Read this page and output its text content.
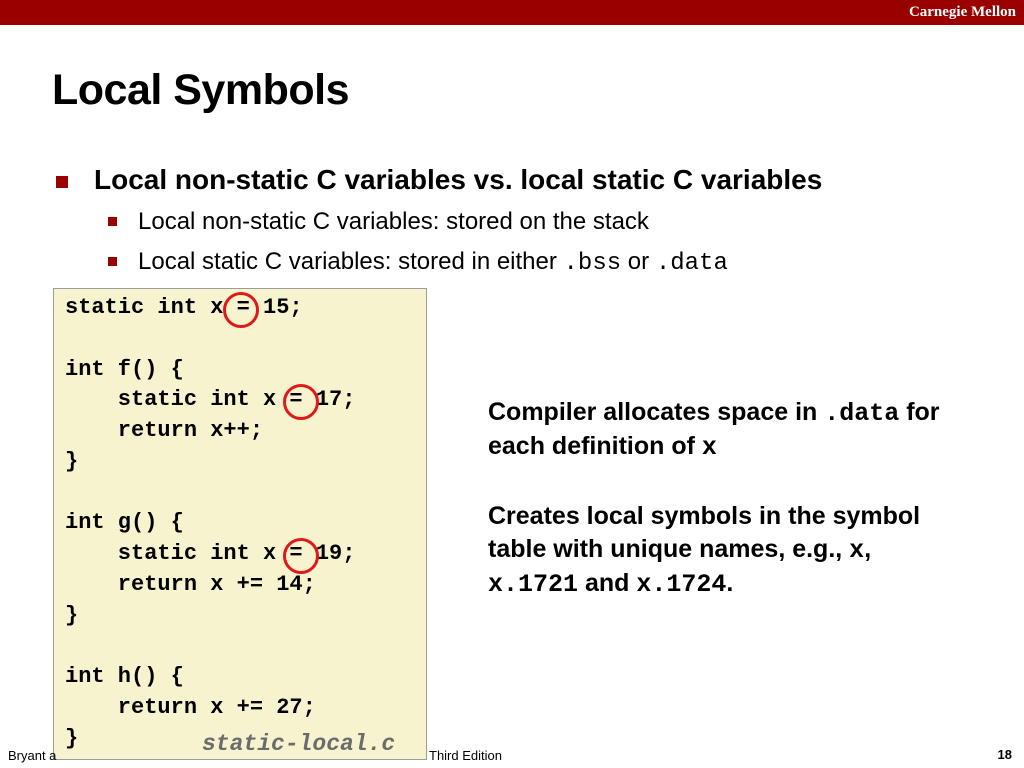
Carnegie Mellon
Local Symbols
Local non-static C variables vs. local static C variables
Local non-static C variables: stored on the stack
Local static C variables: stored in either .bss or .data
static int x = 15;
int f() {
static int x = 17;
return x++;
}
int g() {
static int x = 19;
return x += 14;
}
int h() {
return x += 27;
}	static-local.c
Compiler allocates space in .data for
each definition of x
Creates local symbols in the symbol
table with unique names, e.g., x,
x.1721 and x.1724.
Bryant a	Third Edition	18
